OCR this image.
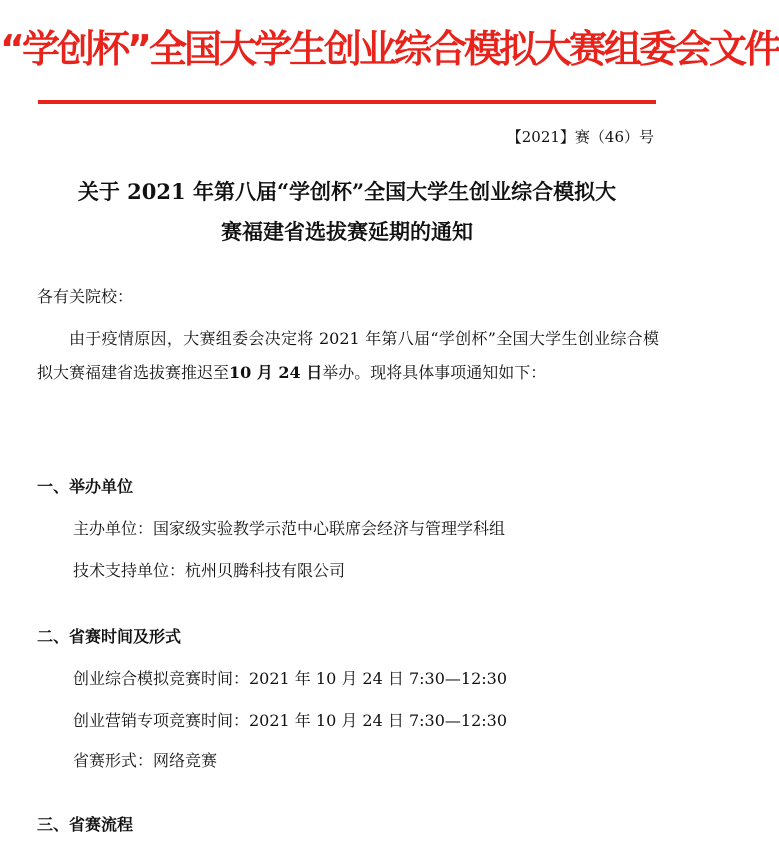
“学创杯”全国大学生创业综合模拟大赛组委会文件
【2021】赛（46）号
关于 2021 年第八届“学创杯”全国大学生创业综合模拟大
赛福建省选拔赛延期的通知
各有关院校：
由于疫情原因，大赛组委会决定将 2021 年第八届“学创杯”全国大学生创业综合模拟大赛福建省选拔赛推迟至10 月 24 日举办。现将具体事项通知如下：
一、举办单位
主办单位：国家级实验教学示范中心联席会经济与管理学科组
技术支持单位：杭州贝腾科技有限公司
二、省赛时间及形式
创业综合模拟竞赛时间：2021 年 10 月 24 日 7:30—12:30
创业营销专项竞赛时间：2021 年 10 月 24 日 7:30—12:30
省赛形式：网络竞赛
三、省赛流程
